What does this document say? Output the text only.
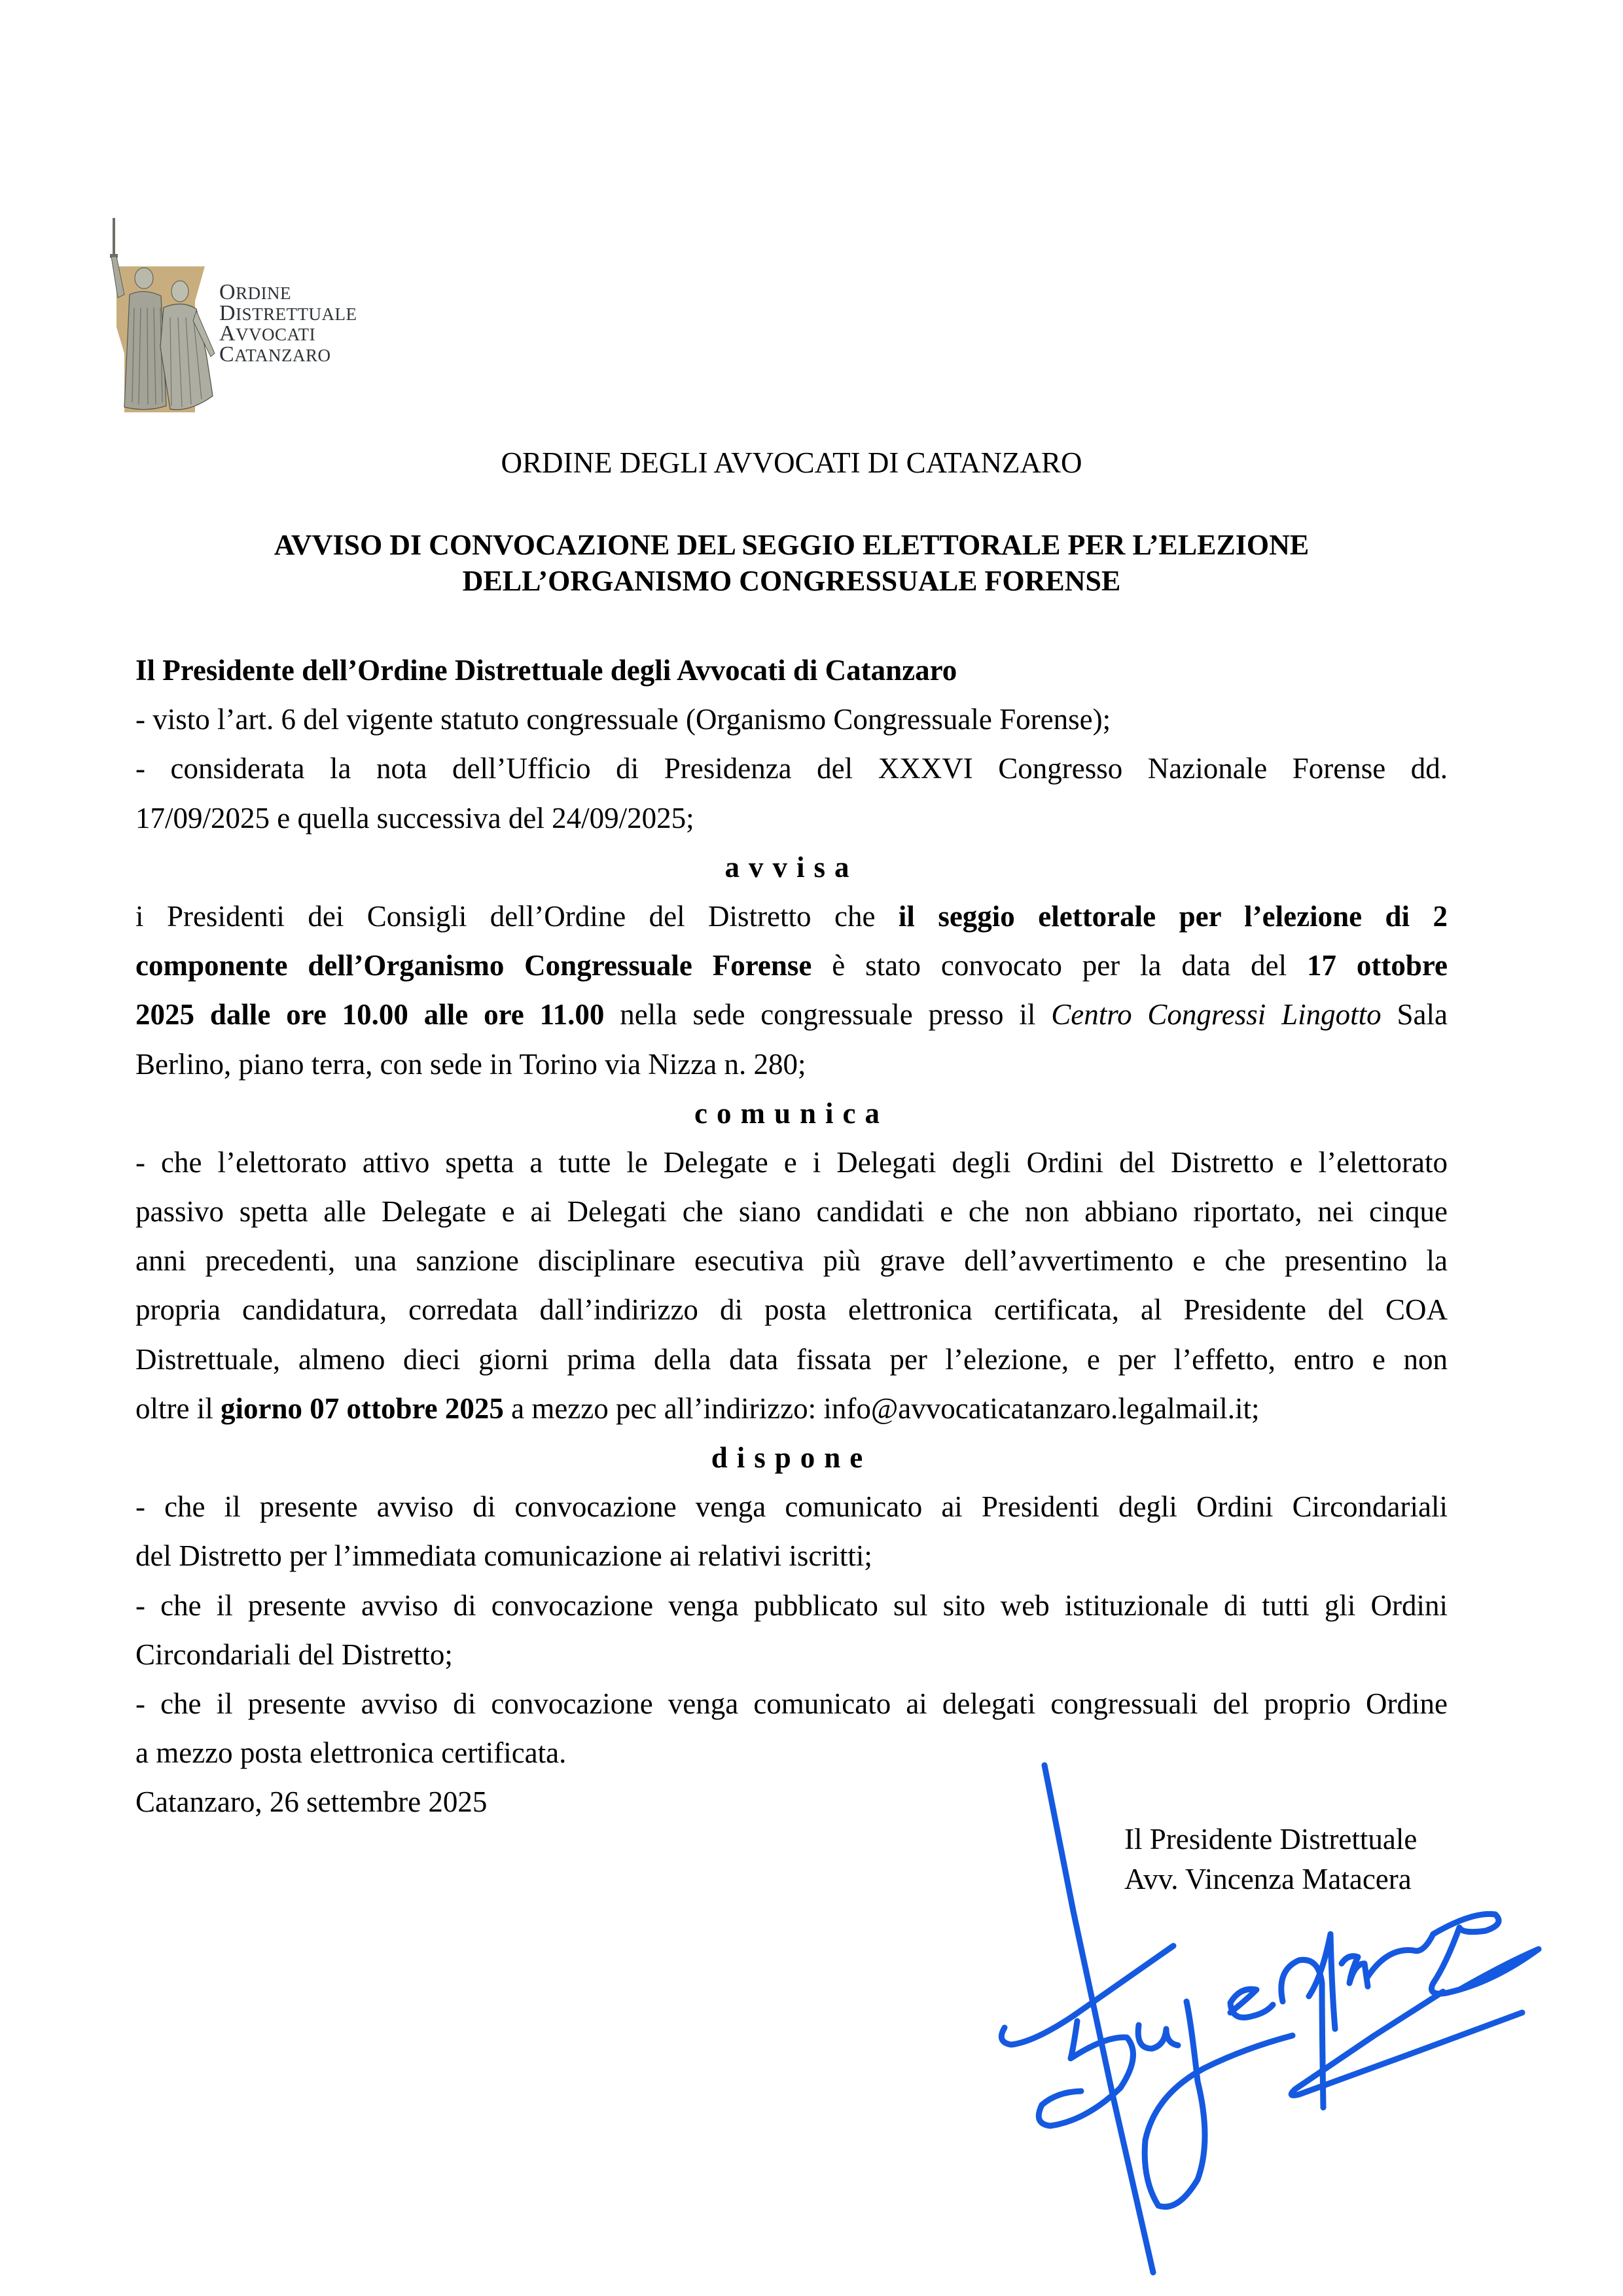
ORDINE
DISTRETTUALE
AVVOCATI
CATANZARO
ORDINE DEGLI AVVOCATI DI CATANZARO
AVVISO DI CONVOCAZIONE DEL SEGGIO ELETTORALE PER L’ELEZIONE
DELL’ORGANISMO CONGRESSUALE FORENSE
Il Presidente dell’Ordine Distrettuale degli Avvocati di Catanzaro
- visto l’art. 6 del vigente statuto congressuale (Organismo Congressuale Forense);
- considerata la nota dell’Ufficio di Presidenza del XXXVI Congresso Nazionale Forense dd.
17/09/2025 e quella successiva del 24/09/2025;
avvisa
i Presidenti dei Consigli dell’Ordine del Distretto che il seggio elettorale per l’elezione di 2
componente dell’Organismo Congressuale Forense è stato convocato per la data del 17 ottobre
2025 dalle ore 10.00 alle ore 11.00 nella sede congressuale presso il Centro Congressi Lingotto Sala
Berlino, piano terra, con sede in Torino via Nizza n. 280;
comunica
- che l’elettorato attivo spetta a tutte le Delegate e i Delegati degli Ordini del Distretto e l’elettorato
passivo spetta alle Delegate e ai Delegati che siano candidati e che non abbiano riportato, nei cinque
anni precedenti, una sanzione disciplinare esecutiva più grave dell’avvertimento e che presentino la
propria candidatura, corredata dall’indirizzo di posta elettronica certificata, al Presidente del COA
Distrettuale, almeno dieci giorni prima della data fissata per l’elezione, e per l’effetto, entro e non
oltre il giorno 07 ottobre 2025 a mezzo pec all’indirizzo: info@avvocaticatanzaro.legalmail.it;
dispone
- che il presente avviso di convocazione venga comunicato ai Presidenti degli Ordini Circondariali
del Distretto per l’immediata comunicazione ai relativi iscritti;
- che il presente avviso di convocazione venga pubblicato sul sito web istituzionale di tutti gli Ordini
Circondariali del Distretto;
- che il presente avviso di convocazione venga comunicato ai delegati congressuali del proprio Ordine
a mezzo posta elettronica certificata.
Catanzaro, 26 settembre 2025
Il Presidente Distrettuale
Avv. Vincenza Matacera
